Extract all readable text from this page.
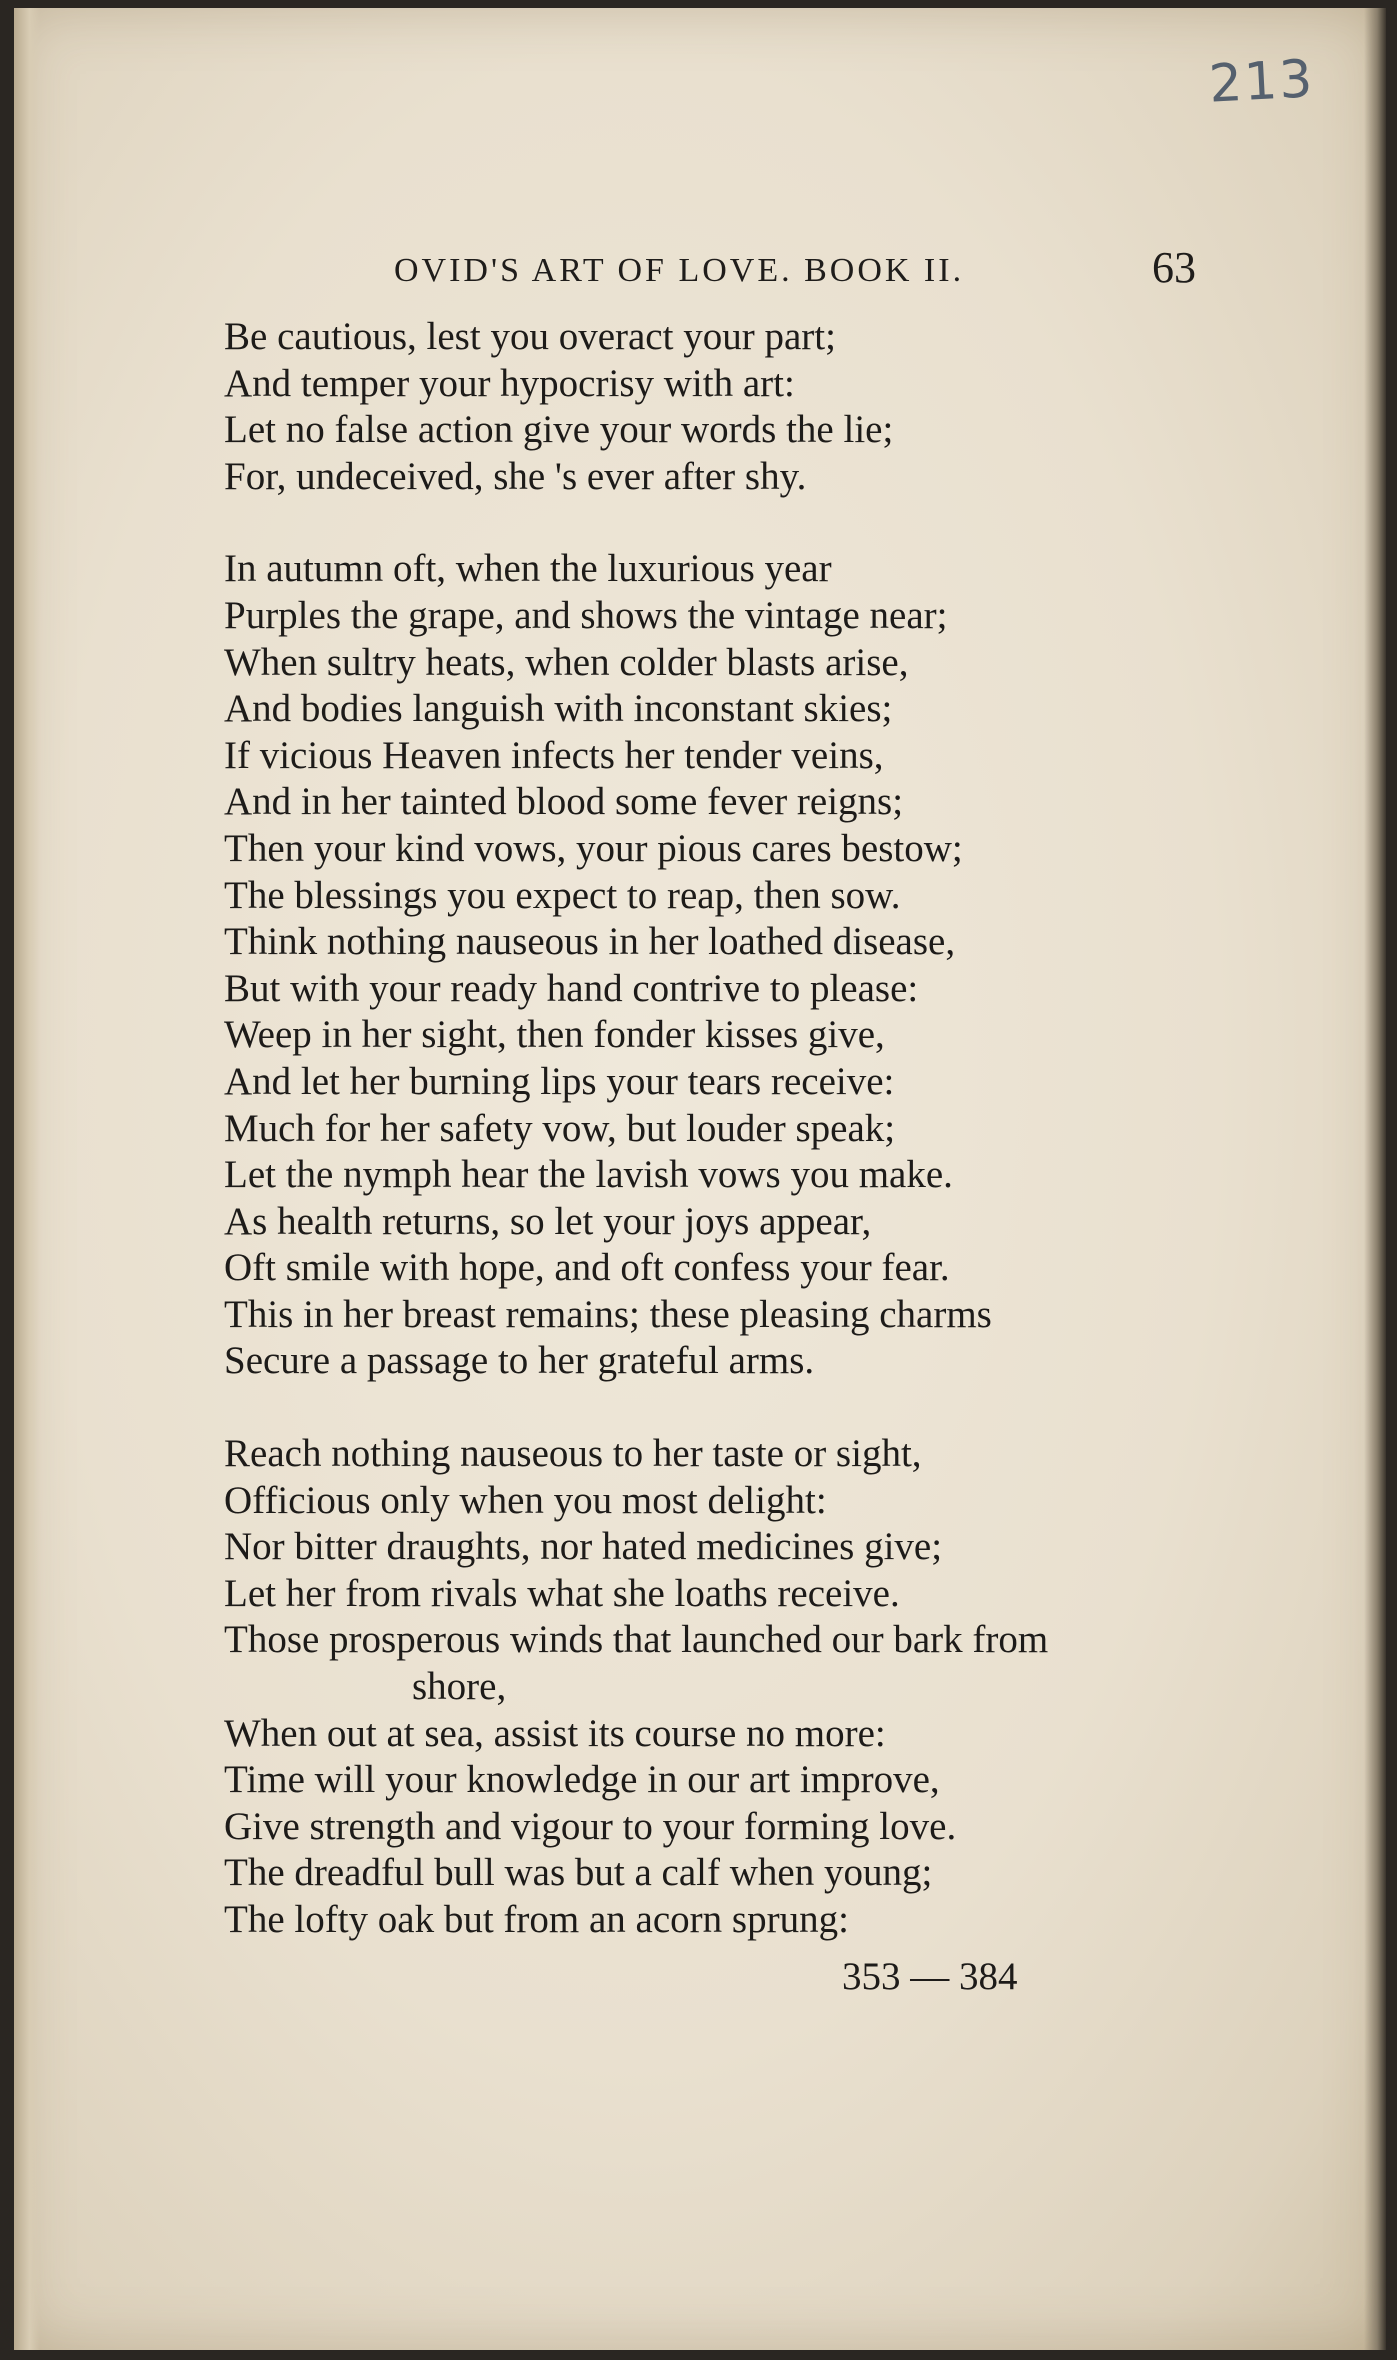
213
OVID'S ART OF LOVE. BOOK II.	63

Be cautious, lest you overact your part;
And temper your hypocrisy with art:
Let no false action give your words the lie;
For, undeceived, she 's ever after shy.

In autumn oft, when the luxurious year
Purples the grape, and shows the vintage near;
When sultry heats, when colder blasts arise,
And bodies languish with inconstant skies;
If vicious Heaven infects her tender veins,
And in her tainted blood some fever reigns;
Then your kind vows, your pious cares bestow;
The blessings you expect to reap, then sow.
Think nothing nauseous in her loathed disease,
But with your ready hand contrive to please:
Weep in her sight, then fonder kisses give,
And let her burning lips your tears receive:
Much for her safety vow, but louder speak;
Let the nymph hear the lavish vows you make.
As health returns, so let your joys appear,
Oft smile with hope, and oft confess your fear.
This in her breast remains; these pleasing charms
Secure a passage to her grateful arms.

Reach nothing nauseous to her taste or sight,
Officious only when you most delight:
Nor bitter draughts, nor hated medicines give;
Let her from rivals what she loaths receive.
Those prosperous winds that launched our bark from
shore,
When out at sea, assist its course no more:
Time will your knowledge in our art improve,
Give strength and vigour to your forming love.
The dreadful bull was but a calf when young;
The lofty oak but from an acorn sprung:

353 — 384
